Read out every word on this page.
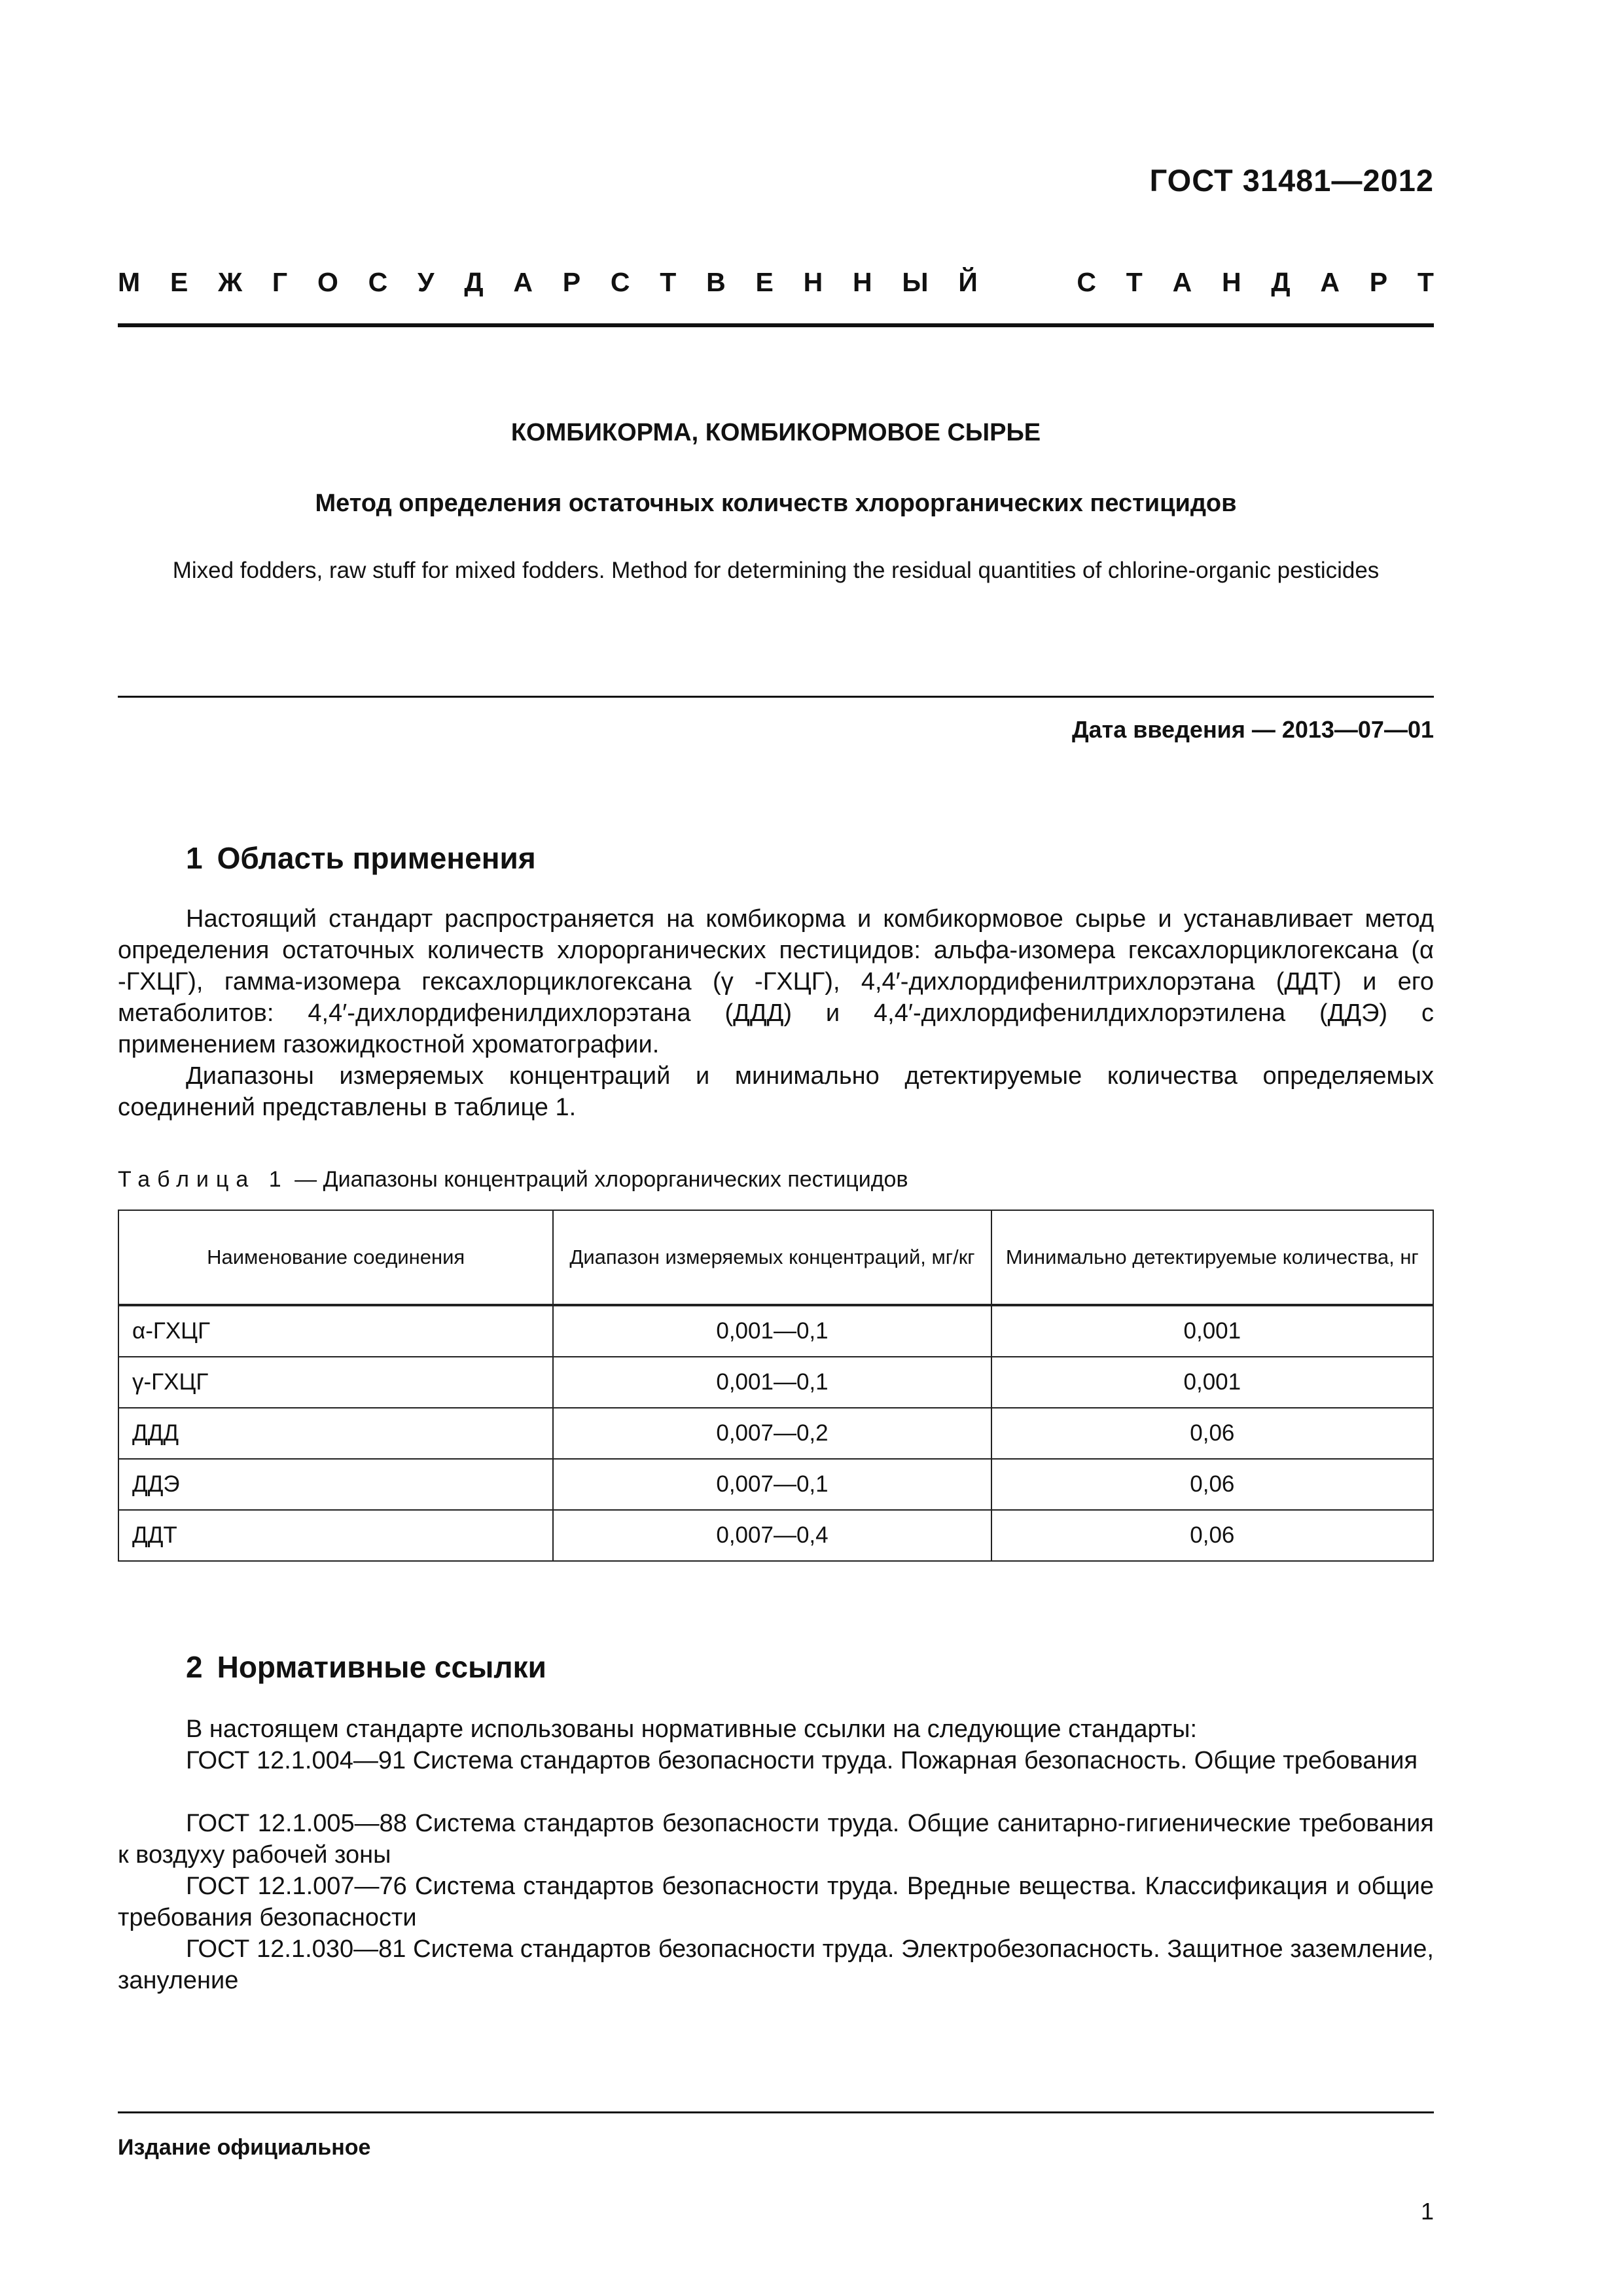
ГОСТ 31481—2012
М Е Ж Г О С У Д А Р С Т В Е Н Н Ы Й	С Т А Н Д А Р Т
КОМБИКОРМА, КОМБИКОРМОВОЕ СЫРЬЕ
Метод определения остаточных количеств хлорорганических пестицидов
Mixed fodders, raw stuff for mixed fodders. Method for determining the residual quantities of chlorine-organic pesticides
Дата введения — 2013—07—01
1 Область применения
Настоящий стандарт распространяется на комбикорма и комбикормовое сырье и устанавливает метод определения остаточных количеств хлорорганических пестицидов: альфа-изомера гексахлорциклогексана (α -ГХЦГ), гамма-изомера гексахлорциклогексана (γ -ГХЦГ), 4,4′-дихлордифенилтрихлорэтана (ДДТ) и его метаболитов: 4,4′-дихлордифенилдихлорэтана (ДДД) и 4,4′-дихлордифенилдихлорэтилена (ДДЭ) с применением газожидкостной хроматографии.
Диапазоны измеряемых концентраций и минимально детектируемые количества определяемых соединений представлены в таблице 1.
Таблица 1 — Диапазоны концентраций хлорорганических пестицидов
Наименование соединения	Диапазон измеряемых концентраций, мг/кг	Минимально детектируемые количества, нг
α-ГХЦГ	0,001—0,1	0,001
γ-ГХЦГ	0,001—0,1	0,001
ДДД	0,007—0,2	0,06
ДДЭ	0,007—0,1	0,06
ДДТ	0,007—0,4	0,06
2 Нормативные ссылки
В настоящем стандарте использованы нормативные ссылки на следующие стандарты:
ГОСТ 12.1.004—91 Система стандартов безопасности труда. Пожарная безопасность. Общие требования
ГОСТ 12.1.005—88 Система стандартов безопасности труда. Общие санитарно-гигиенические требования к воздуху рабочей зоны
ГОСТ 12.1.007—76 Система стандартов безопасности труда. Вредные вещества. Классификация и общие требования безопасности
ГОСТ 12.1.030—81 Система стандартов безопасности труда. Электробезопасность. Защитное заземление, зануление
Издание официальное
1
